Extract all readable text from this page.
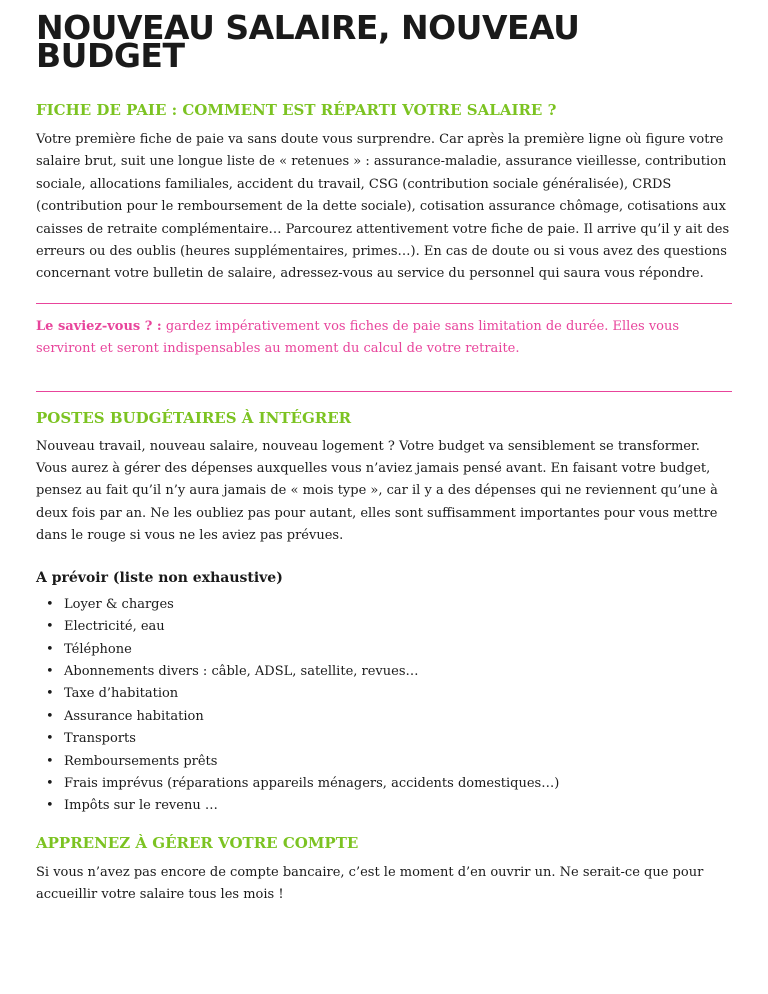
NOUVEAU SALAIRE, NOUVEAU BUDGET
FICHE DE PAIE : COMMENT EST RÉPARTI VOTRE SALAIRE ?

Votre première fiche de paie va sans doute vous surprendre. Car après la première ligne où figure votre salaire brut, suit une longue liste de « retenues » : assurance-maladie, assurance vieillesse, contribution sociale, allocations familiales, accident du travail, CSG (contribution sociale généralisée), CRDS (contribution pour le remboursement de la dette sociale), cotisation assurance chômage, cotisations aux caisses de retraite complémentaire… Parcourez attentivement votre fiche de paie. Il arrive qu’il y ait des erreurs ou des oublis (heures supplémentaires, primes…). En cas de doute ou si vous avez des questions concernant votre bulletin de salaire, adressez-vous au service du personnel qui saura vous répondre.

Le saviez-vous ? : gardez impérativement vos fiches de paie sans limitation de durée. Elles vous serviront et seront indispensables au moment du calcul de votre retraite.

POSTES BUDGÉTAIRES À INTÉGRER

Nouveau travail, nouveau salaire, nouveau logement ? Votre budget va sensiblement se transformer. Vous aurez à gérer des dépenses auxquelles vous n’aviez jamais pensé avant. En faisant votre budget, pensez au fait qu’il n’y aura jamais de « mois type », car il y a des dépenses qui ne reviennent qu’une à deux fois par an. Ne les oubliez pas pour autant, elles sont suffisamment importantes pour vous mettre dans le rouge si vous ne les aviez pas prévues.

A prévoir (liste non exhaustive)
• Loyer & charges
• Electricité, eau
• Téléphone
• Abonnements divers : câble, ADSL, satellite, revues…
• Taxe d’habitation
• Assurance habitation
• Transports
• Remboursements prêts
• Frais imprévus (réparations appareils ménagers, accidents domestiques…)
• Impôts sur le revenu …
APPRENEZ À GÉRER VOTRE COMPTE

Si vous n’avez pas encore de compte bancaire, c’est le moment d’en ouvrir un. Ne serait-ce que pour accueillir votre salaire tous les mois !
